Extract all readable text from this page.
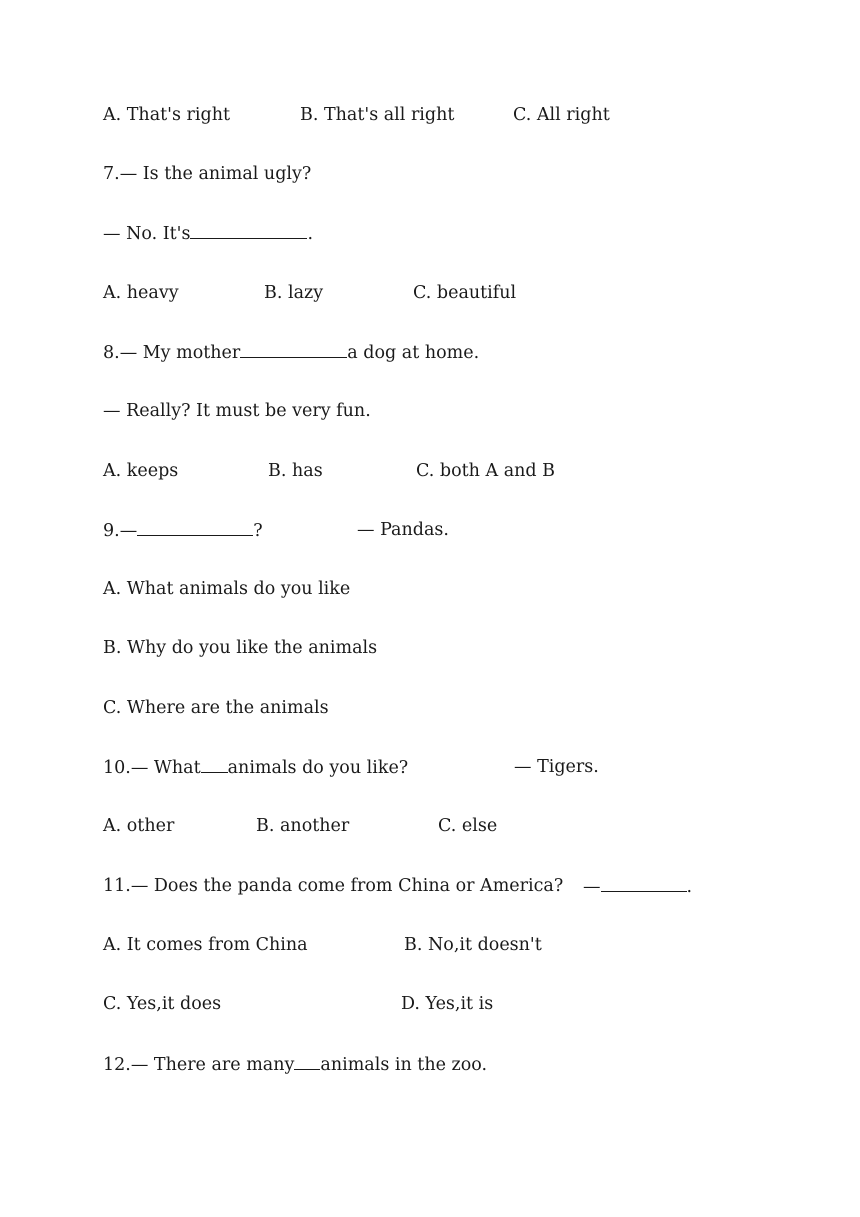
A. That's right	B. That's all right	C. All right
7.— Is the animal ugly?
— No. It's	.
A. heavy	B. lazy	C. beautiful
8.— My mother	a dog at home.
— Really? It must be very fun.
A. keeps	B. has	C. both A and B
9.—	?	— Pandas.
A. What animals do you like
B. Why do you like the animals
C. Where are the animals
10.— What animals do you like?	— Tigers.
A. other	B. another	C. else
11.— Does the panda come from China or America? —	.
A. It comes from China	B. No,it doesn't
C. Yes,it does	D. Yes,it is
12.— There are many animals in the zoo.
